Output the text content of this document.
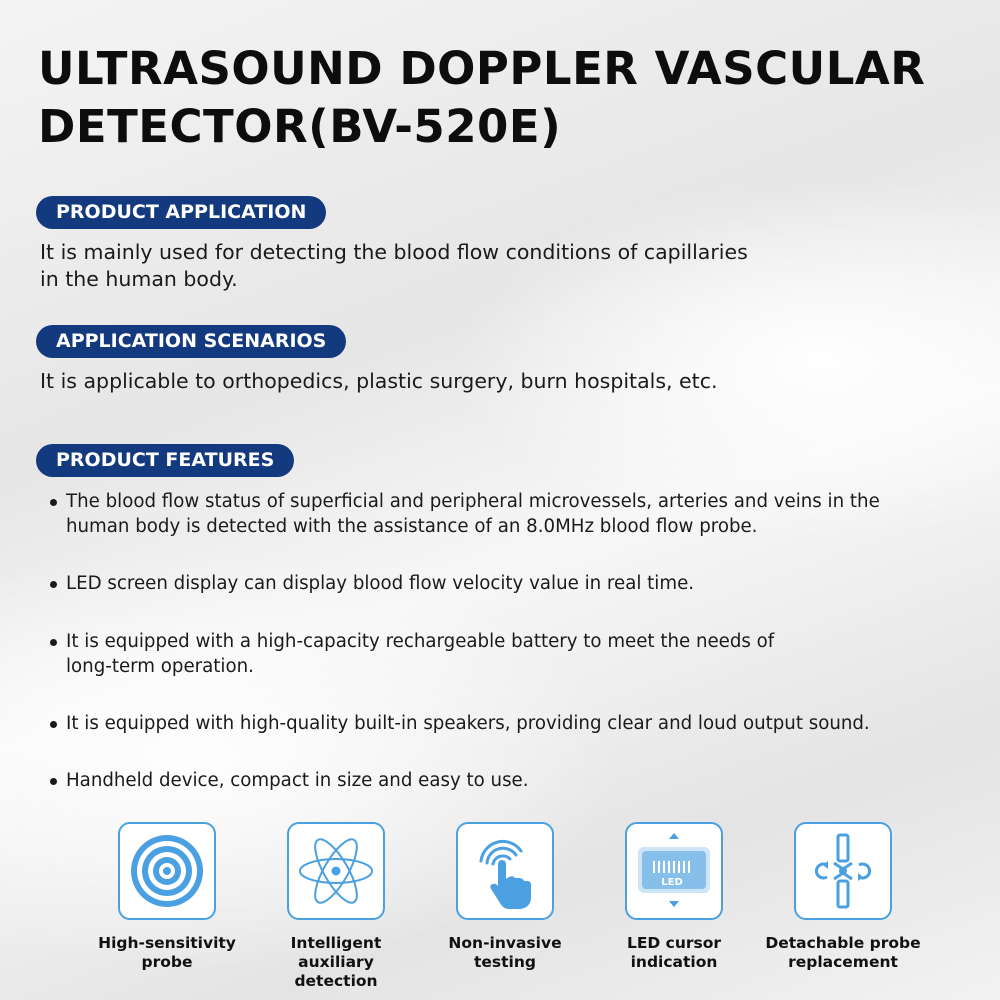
ULTRASOUND DOPPLER VASCULAR
DETECTOR(BV-520E)
PRODUCT APPLICATION
It is mainly used for detecting the blood flow conditions of capillaries
in the human body.
APPLICATION SCENARIOS
It is applicable to orthopedics, plastic surgery, burn hospitals, etc.
PRODUCT FEATURES
The blood flow status of superficial and peripheral microvessels, arteries and veins in the
human body is detected with the assistance of an 8.0MHz blood flow probe.
LED screen display can display blood flow velocity value in real time.
It is equipped with a high-capacity rechargeable battery to meet the needs of
long-term operation.
It is equipped with high-quality built-in speakers, providing clear and loud output sound.
Handheld device, compact in size and easy to use.
High-sensitivity
probe
Intelligent auxiliary
detection
Non-invasive
testing
LED
LED cursor
indication
Detachable probe
replacement
